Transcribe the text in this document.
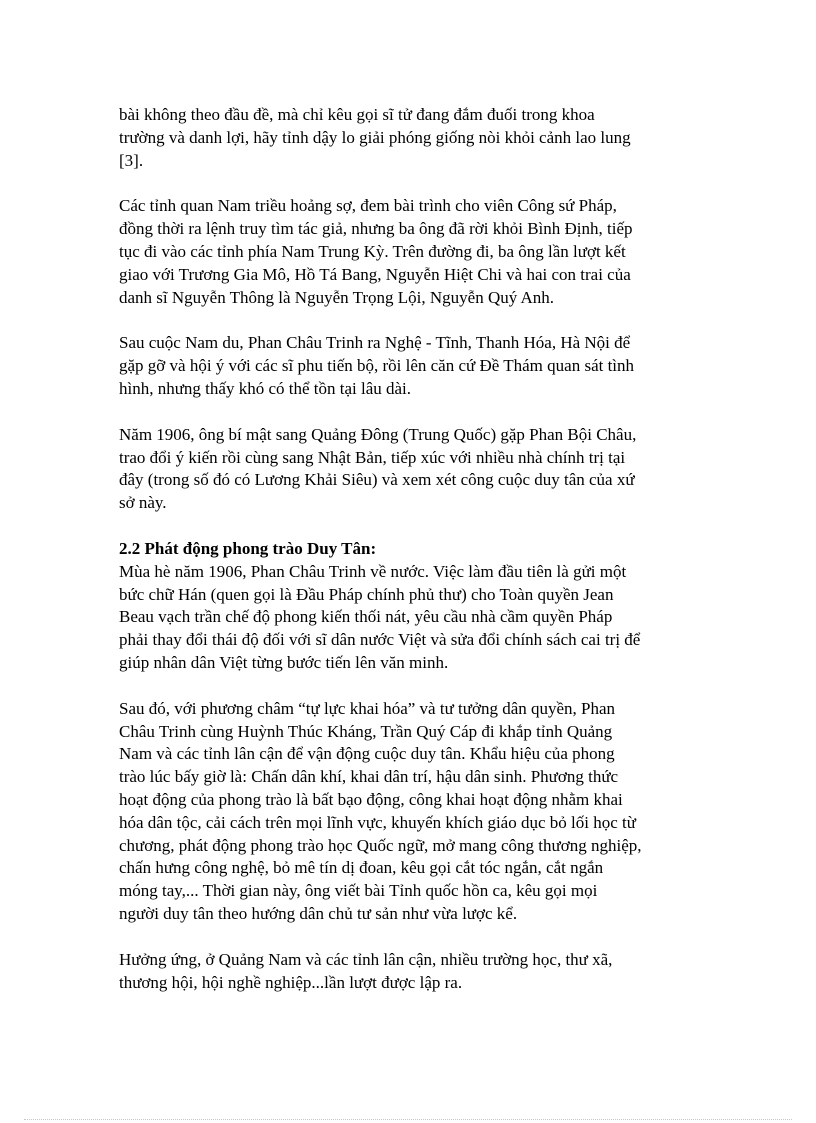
bài không theo đầu đề, mà chỉ kêu gọi sĩ tử đang đắm đuối trong khoa
trường và danh lợi, hãy tỉnh dậy lo giải phóng giống nòi khỏi cảnh lao lung
[3].

Các tỉnh quan Nam triều hoảng sợ, đem bài trình cho viên Công sứ Pháp,
đồng thời ra lệnh truy tìm tác giả, nhưng ba ông đã rời khỏi Bình Định, tiếp
tục đi vào các tỉnh phía Nam Trung Kỳ. Trên đường đi, ba ông lần lượt kết
giao với Trương Gia Mô, Hồ Tá Bang, Nguyễn Hiệt Chi và hai con trai của
danh sĩ Nguyễn Thông là Nguyễn Trọng Lội, Nguyễn Quý Anh.

Sau cuộc Nam du, Phan Châu Trinh ra Nghệ - Tĩnh, Thanh Hóa, Hà Nội để
gặp gỡ và hội ý với các sĩ phu tiến bộ, rồi lên căn cứ Đề Thám quan sát tình
hình, nhưng thấy khó có thể tồn tại lâu dài.

Năm 1906, ông bí mật sang Quảng Đông (Trung Quốc) gặp Phan Bội Châu,
trao đổi ý kiến rồi cùng sang Nhật Bản, tiếp xúc với nhiều nhà chính trị tại
đây (trong số đó có Lương Khải Siêu) và xem xét công cuộc duy tân của xứ
sở này.

2.2 Phát động phong trào Duy Tân:
Mùa hè năm 1906, Phan Châu Trinh về nước. Việc làm đầu tiên là gửi một
bức chữ Hán (quen gọi là Đầu Pháp chính phủ thư) cho Toàn quyền Jean
Beau vạch trần chế độ phong kiến thối nát, yêu cầu nhà cầm quyền Pháp
phải thay đổi thái độ đối với sĩ dân nước Việt và sửa đổi chính sách cai trị để
giúp nhân dân Việt từng bước tiến lên văn minh.

Sau đó, với phương châm “tự lực khai hóa” và tư tưởng dân quyền, Phan
Châu Trinh cùng Huỳnh Thúc Kháng, Trần Quý Cáp đi khắp tỉnh Quảng
Nam và các tỉnh lân cận để vận động cuộc duy tân. Khẩu hiệu của phong
trào lúc bấy giờ là: Chấn dân khí, khai dân trí, hậu dân sinh. Phương thức
hoạt động của phong trào là bất bạo động, công khai hoạt động nhằm khai
hóa dân tộc, cải cách trên mọi lĩnh vực, khuyến khích giáo dục bỏ lối học từ
chương, phát động phong trào học Quốc ngữ, mở mang công thương nghiệp,
chấn hưng công nghệ, bỏ mê tín dị đoan, kêu gọi cắt tóc ngắn, cắt ngắn
móng tay,... Thời gian này, ông viết bài Tỉnh quốc hồn ca, kêu gọi mọi
người duy tân theo hướng dân chủ tư sản như vừa lược kể.

Hưởng ứng, ở Quảng Nam và các tỉnh lân cận, nhiều trường học, thư xã,
thương hội, hội nghề nghiệp...lần lượt được lập ra.
